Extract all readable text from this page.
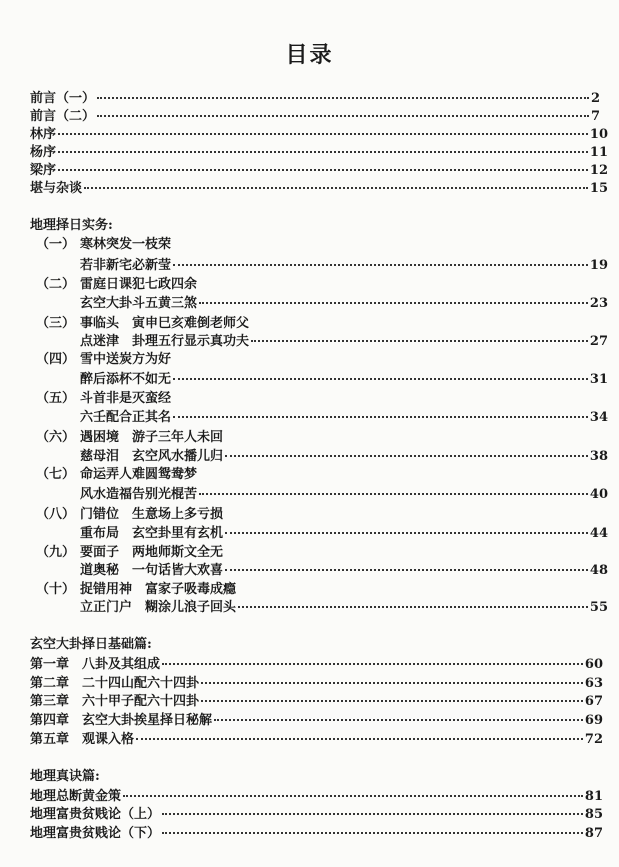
目录
前言（一）	2
前言（二）	7
林序	10
杨序	11
梁序	12
堪与杂谈	15
地理择日实务:
（一） 寒林突发一枝荣
若非新宅必新莹	19
（二） 雷庭日课犯七政四余
玄空大卦斗五黄三煞	23
（三） 事临头　寅申巳亥难倒老师父
点迷津　卦理五行显示真功夫	27
（四） 雪中送炭方为好
醉后添杯不如无	31
（五） 斗首非是灭蛮经
六壬配合正其名	34
（六） 遇困境　游子三年人未回
慈母泪　玄空风水播儿归	38
（七） 命运弄人难圆鸳鸯梦
风水造福告别光棍苦	40
（八） 门错位　生意场上多亏损
重布局　玄空卦里有玄机	44
（九） 要面子　两地师斯文全无
道奥秘　一句话皆大欢喜	48
（十） 捉错用神　富家子吸毒成瘾
立正门户　糊涂儿浪子回头	55
玄空大卦择日基础篇:
第一章　八卦及其组成	60
第二章　二十四山配六十四卦	63
第三章　六十甲子配六十四卦	67
第四章　玄空大卦挨星择日秘解	69
第五章　观课入格	72
地理真诀篇:
地理总断黄金策	81
地理富贵贫贱论（上）	85
地理富贵贫贱论（下）	87
